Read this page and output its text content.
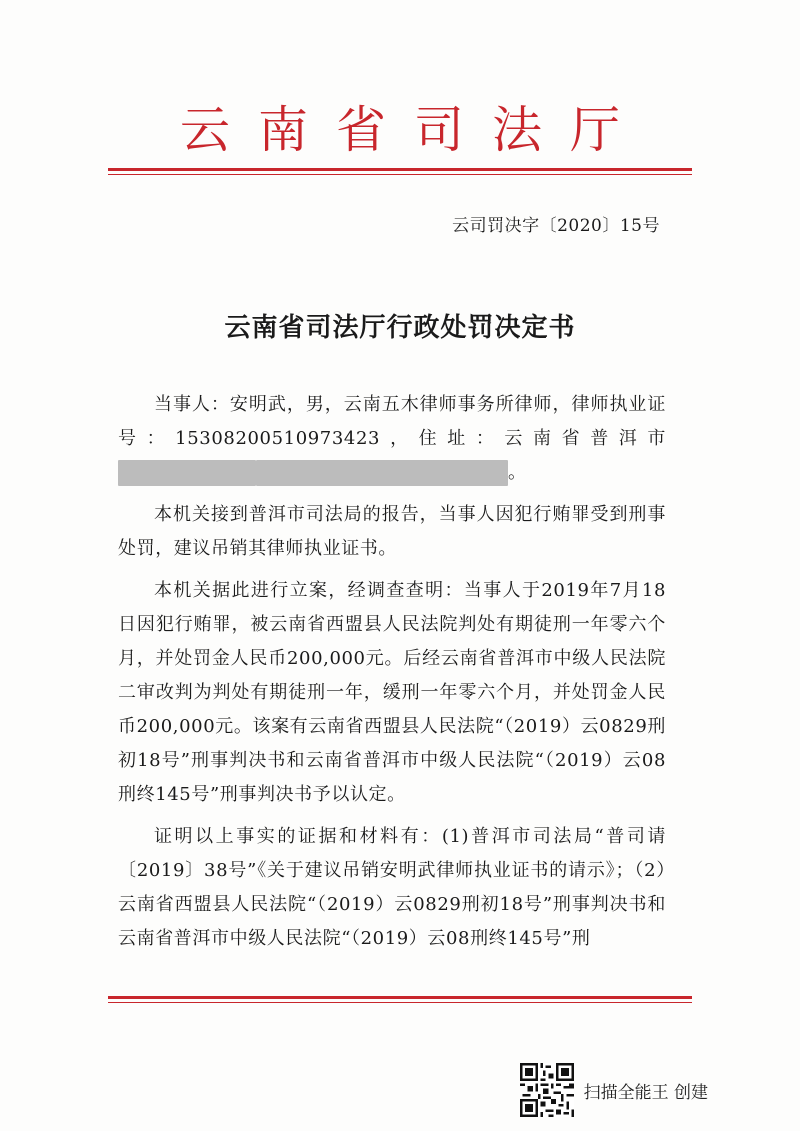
云南省司法厅
云司罚决字〔2020〕15号
云南省司法厅行政处罚决定书

当事人：安明武，男，云南五木律师事务所律师，律师执业证号：15308200510973423，住址：云南省普洱市。

本机关接到普洱市司法局的报告，当事人因犯行贿罪受到刑事处罚，建议吊销其律师执业证书。

本机关据此进行立案，经调查查明：当事人于2019年7月18日因犯行贿罪，被云南省西盟县人民法院判处有期徒刑一年零六个月，并处罚金人民币200,000元。后经云南省普洱市中级人民法院二审改判为判处有期徒刑一年，缓刑一年零六个月，并处罚金人民币200,000元。该案有云南省西盟县人民法院“（2019）云0829刑初18号”刑事判决书和云南省普洱市中级人民法院“（2019）云08刑终145号”刑事判决书予以认定。

证明以上事实的证据和材料有：(1)普洱市司法局“普司请〔2019〕38号”《关于建议吊销安明武律师执业证书的请示》；（2）云南省西盟县人民法院“（2019）云0829刑初18号”刑事判决书和云南省普洱市中级人民法院“（2019）云08刑终145号”刑

扫描全能王 创建
